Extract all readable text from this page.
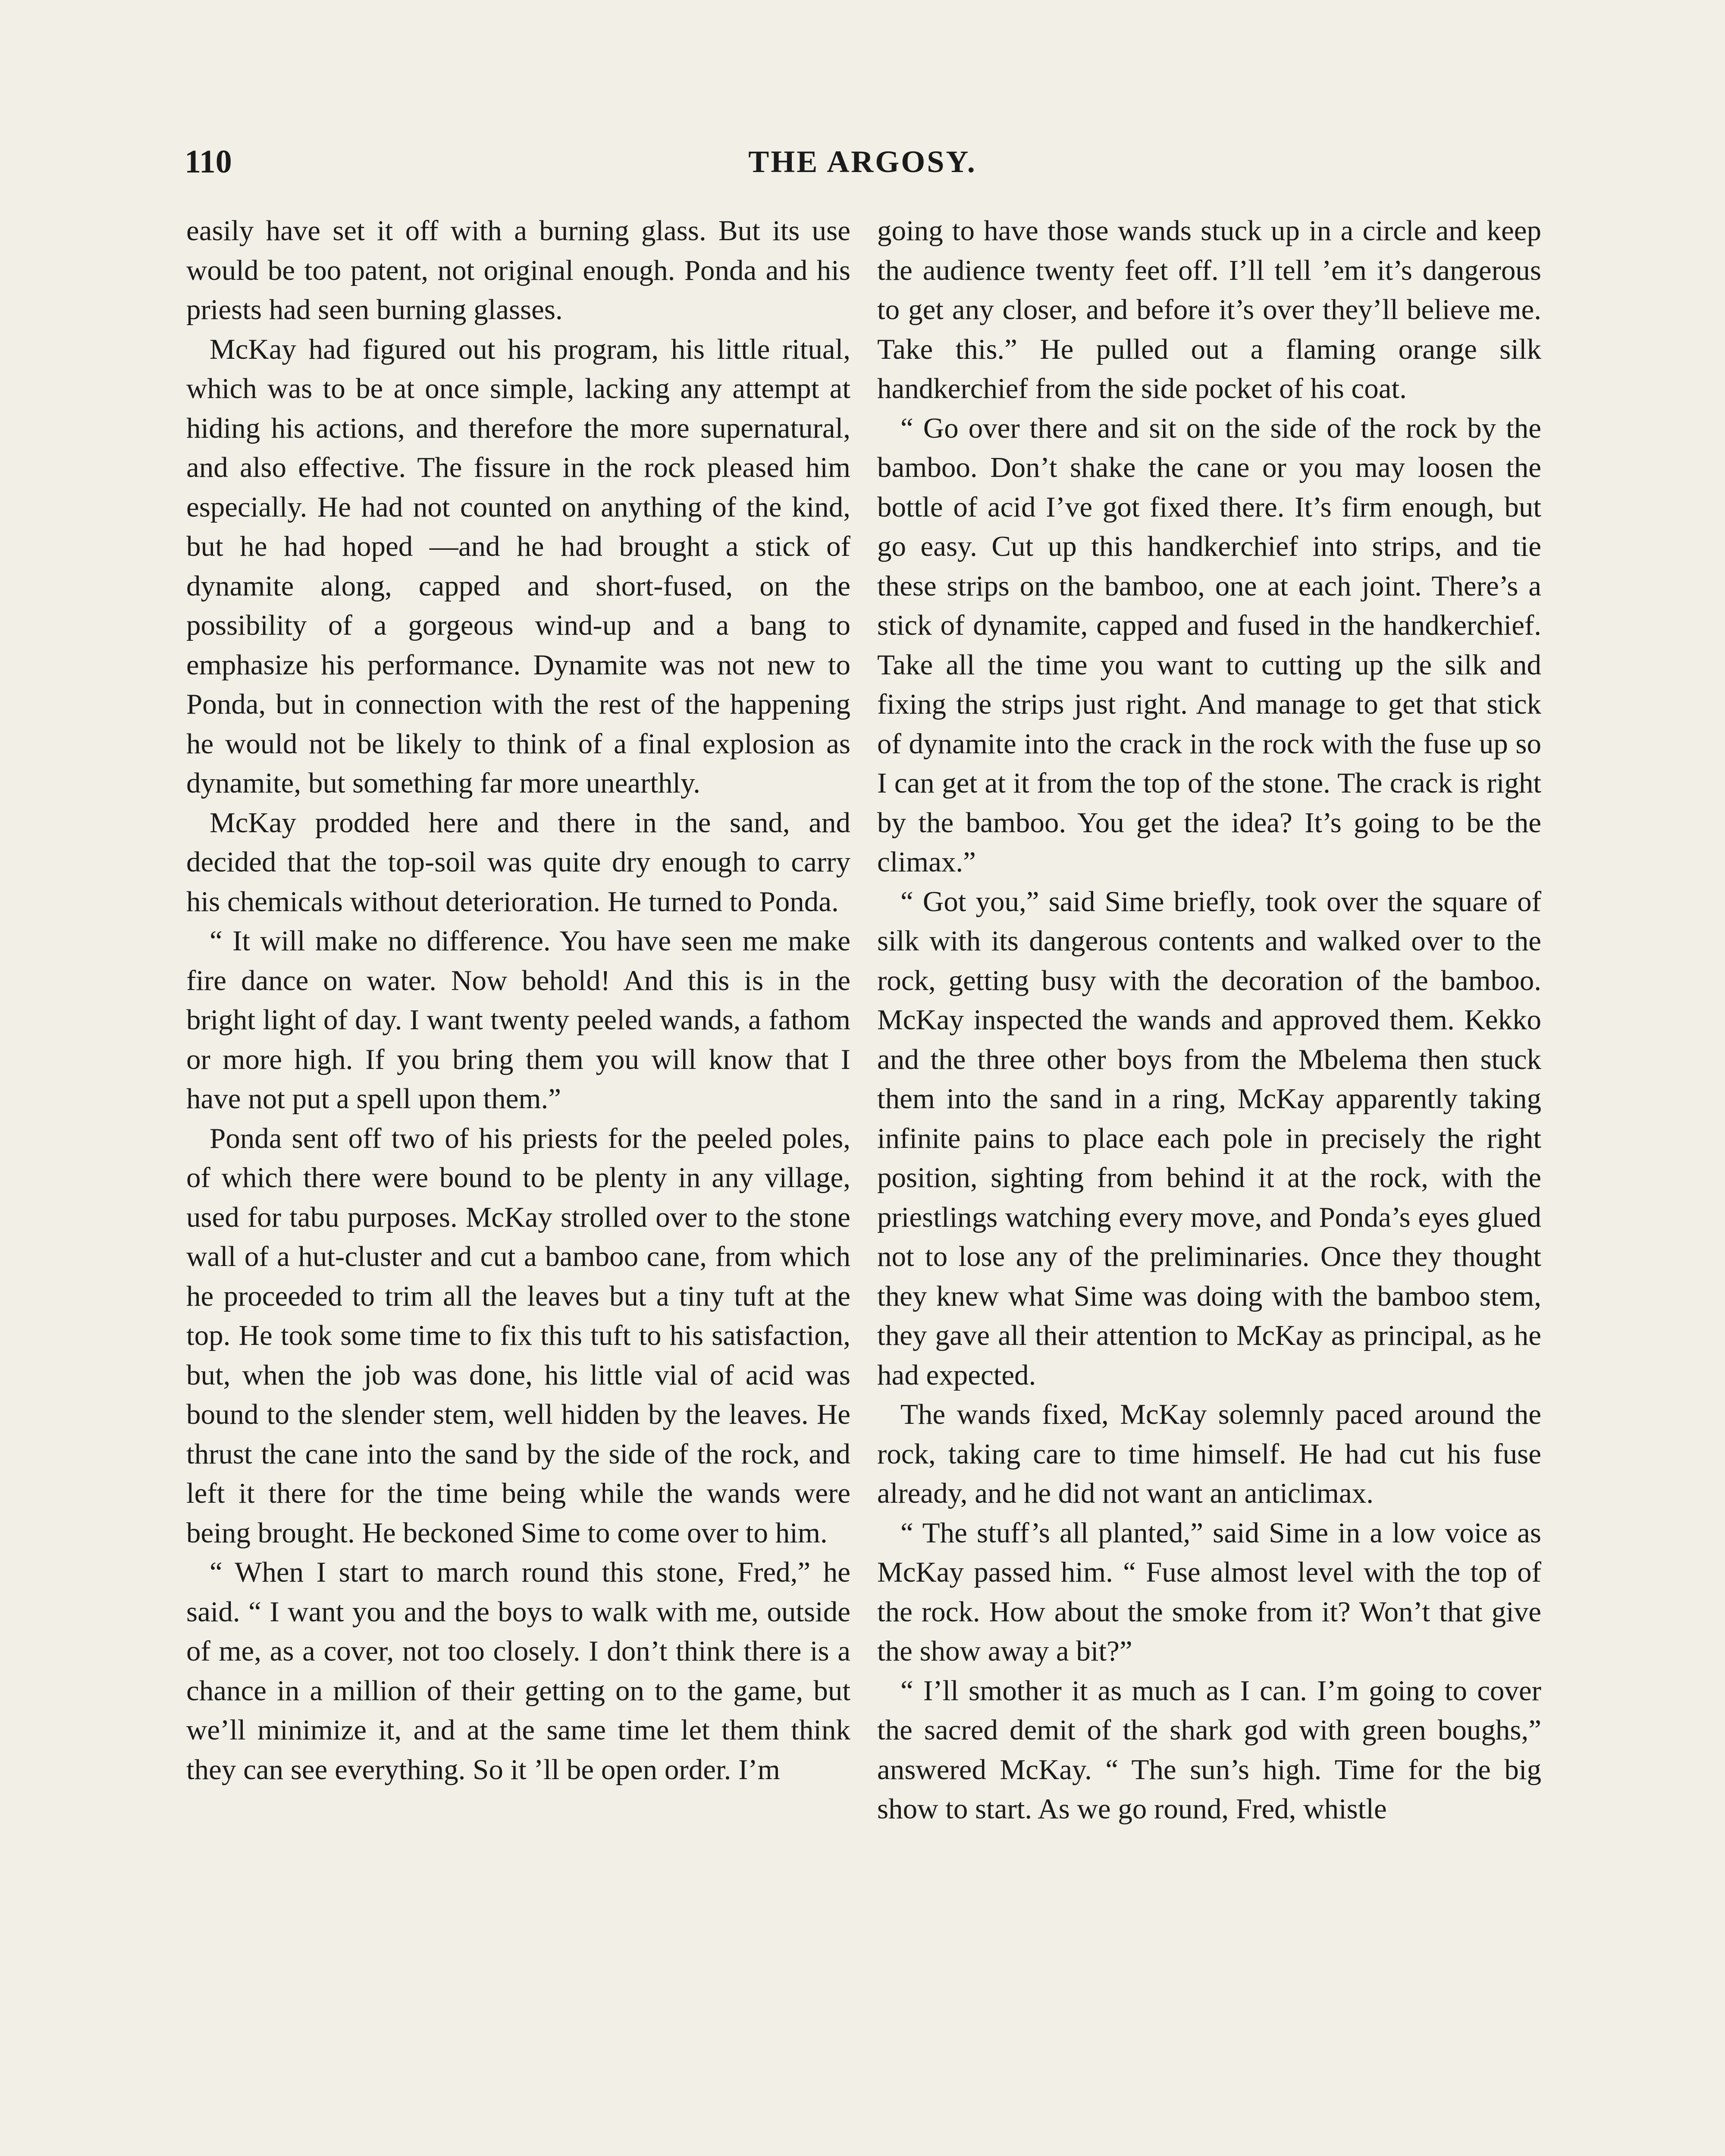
110	THE ARGOSY.

easily have set it off with a burning glass. But its use would be too patent, not original enough. Ponda and his priests had seen burning glasses.

McKay had figured out his program, his little ritual, which was to be at once simple, lacking any attempt at hiding his actions, and therefore the more supernatural, and also effective. The fissure in the rock pleased him especially. He had not counted on anything of the kind, but he had hoped —and he had brought a stick of dynamite along, capped and short-fused, on the possibility of a gorgeous wind-up and a bang to emphasize his performance. Dynamite was not new to Ponda, but in connection with the rest of the happening he would not be likely to think of a final explosion as dynamite, but something far more unearthly.

McKay prodded here and there in the sand, and decided that the top-soil was quite dry enough to carry his chemicals without deterioration. He turned to Ponda.

“ It will make no difference. You have seen me make fire dance on water. Now behold! And this is in the bright light of day. I want twenty peeled wands, a fathom or more high. If you bring them you will know that I have not put a spell upon them.”

Ponda sent off two of his priests for the peeled poles, of which there were bound to be plenty in any village, used for tabu purposes. McKay strolled over to the stone wall of a hut-cluster and cut a bamboo cane, from which he proceeded to trim all the leaves but a tiny tuft at the top. He took some time to fix this tuft to his satisfaction, but, when the job was done, his little vial of acid was bound to the slender stem, well hidden by the leaves. He thrust the cane into the sand by the side of the rock, and left it there for the time being while the wands were being brought. He beckoned Sime to come over to him.

“ When I start to march round this stone, Fred,” he said. “ I want you and the boys to walk with me, outside of me, as a cover, not too closely. I don’t think there is a chance in a million of their getting on to the game, but we’ll minimize it, and at the same time let them think they can see everything. So it ’ll be open order. I’m

going to have those wands stuck up in a circle and keep the audience twenty feet off. I’ll tell ’em it’s dangerous to get any closer, and before it’s over they’ll believe me. Take this.” He pulled out a flaming orange silk handkerchief from the side pocket of his coat.

“ Go over there and sit on the side of the rock by the bamboo. Don’t shake the cane or you may loosen the bottle of acid I’ve got fixed there. It’s firm enough, but go easy. Cut up this handkerchief into strips, and tie these strips on the bamboo, one at each joint. There’s a stick of dynamite, capped and fused in the handkerchief. Take all the time you want to cutting up the silk and fixing the strips just right. And manage to get that stick of dynamite into the crack in the rock with the fuse up so I can get at it from the top of the stone. The crack is right by the bamboo. You get the idea? It’s going to be the climax.”

“ Got you,” said Sime briefly, took over the square of silk with its dangerous contents and walked over to the rock, getting busy with the decoration of the bamboo. McKay inspected the wands and approved them. Kekko and the three other boys from the Mbelema then stuck them into the sand in a ring, McKay apparently taking infinite pains to place each pole in precisely the right position, sighting from behind it at the rock, with the priestlings watching every move, and Ponda’s eyes glued not to lose any of the preliminaries. Once they thought they knew what Sime was doing with the bamboo stem, they gave all their attention to McKay as principal, as he had expected.

The wands fixed, McKay solemnly paced around the rock, taking care to time himself. He had cut his fuse already, and he did not want an anticlimax.

“ The stuff’s all planted,” said Sime in a low voice as McKay passed him. “ Fuse almost level with the top of the rock. How about the smoke from it? Won’t that give the show away a bit?”

“ I’ll smother it as much as I can. I’m going to cover the sacred demit of the shark god with green boughs,” answered McKay. “ The sun’s high. Time for the big show to start. As we go round, Fred, whistle
